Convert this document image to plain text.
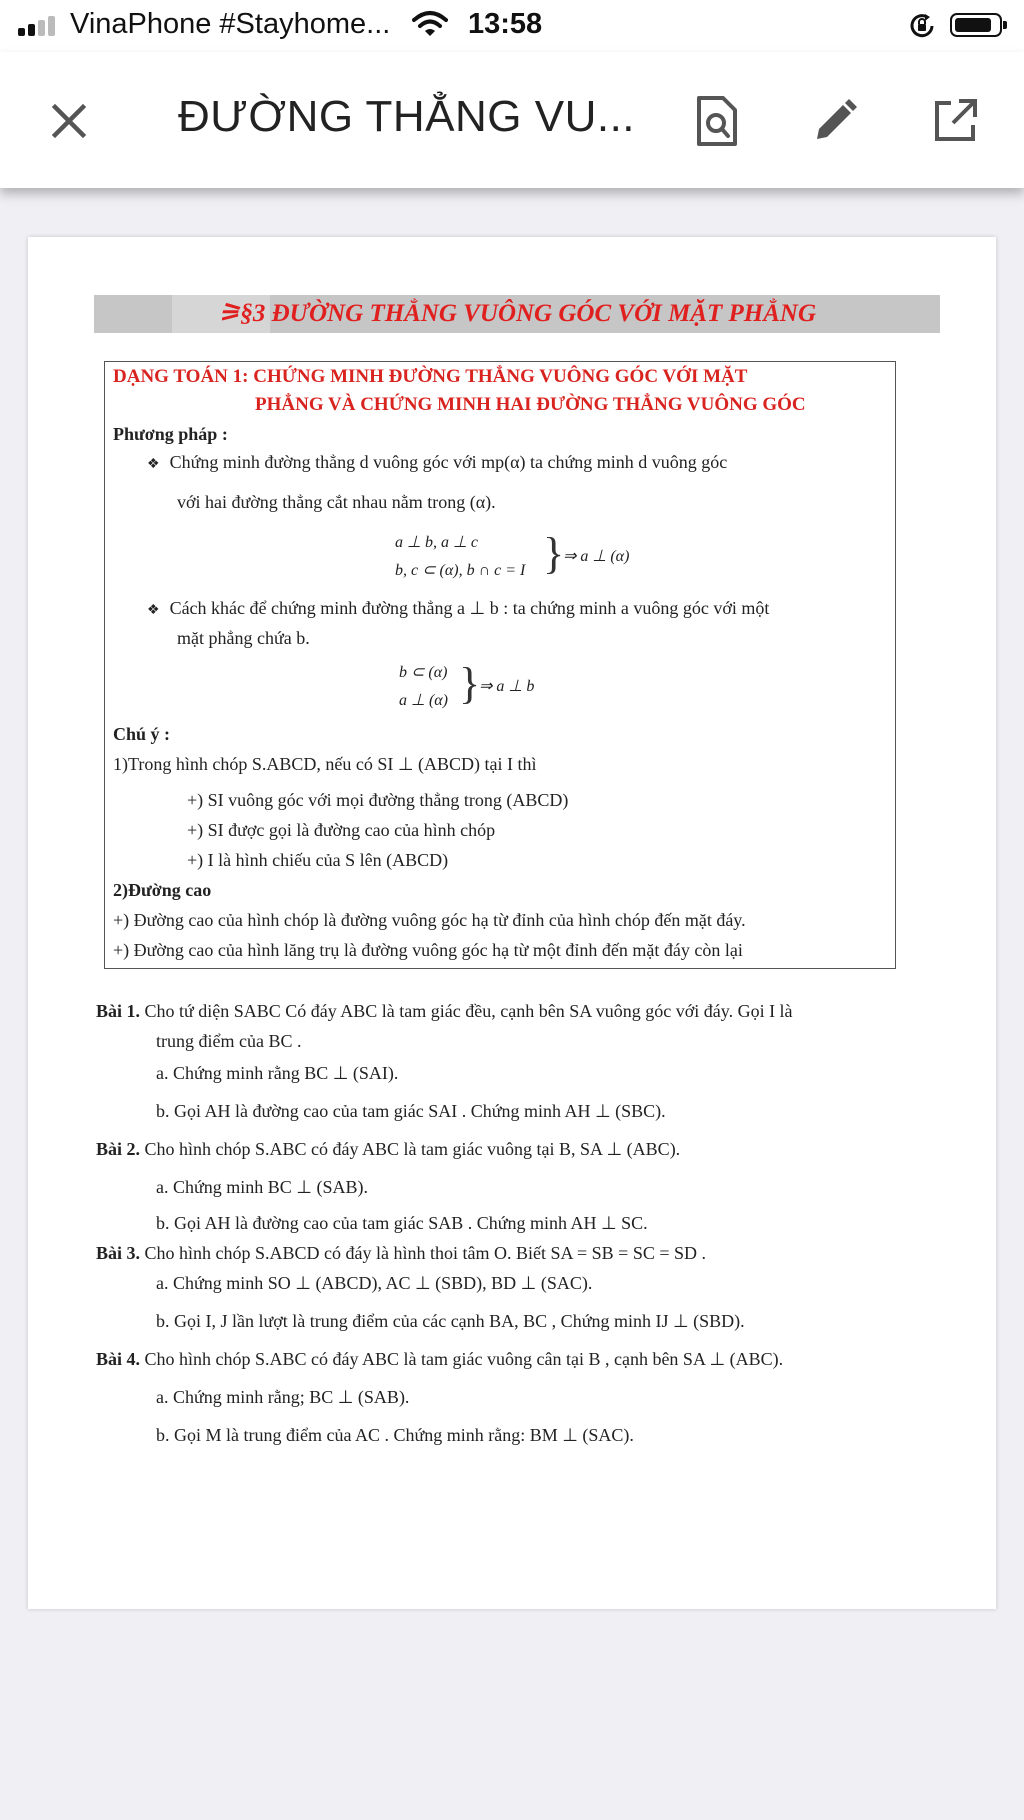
VinaPhone #Stayhome...	13:58
ĐƯỜNG THẲNG VU...
⚞§3 ĐƯỜNG THẲNG VUÔNG GÓC VỚI MẶT PHẲNG
DẠNG TOÁN 1: CHỨNG MINH ĐƯỜNG THẲNG VUÔNG GÓC VỚI MẶT
PHẲNG VÀ CHỨNG MINH HAI ĐƯỜNG THẲNG VUÔNG GÓC
Phương pháp :
❖ Chứng minh đường thẳng d vuông góc với mp(α) ta chứng minh d vuông góc
với hai đường thẳng cắt nhau nằm trong (α).
a ⊥ b, a ⊥ c
b, c ⊂ (α), b ∩ c = I }
⇒ a ⊥ (α)
❖ Cách khác để chứng minh đường thẳng a ⊥ b : ta chứng minh a vuông góc với một
mặt phẳng chứa b.
b ⊂ (α)
a ⊥ (α) }
⇒ a ⊥ b
Chú ý :
1)Trong hình chóp S.ABCD, nếu có SI ⊥ (ABCD) tại I thì
+) SI vuông góc với mọi đường thẳng trong (ABCD)
+) SI được gọi là đường cao của hình chóp
+) I là hình chiếu của S lên (ABCD)
2)Đường cao
+) Đường cao của hình chóp là đường vuông góc hạ từ đỉnh của hình chóp đến mặt đáy.
+) Đường cao của hình lăng trụ là đường vuông góc hạ từ một đỉnh đến mặt đáy còn lại
Bài 1. Cho tứ diện SABC Có đáy ABC là tam giác đều, cạnh bên SA vuông góc với đáy. Gọi I là
trung điểm của BC .
a. Chứng minh rằng BC ⊥ (SAI).
b. Gọi AH là đường cao của tam giác SAI . Chứng minh AH ⊥ (SBC).
Bài 2. Cho hình chóp S.ABC có đáy ABC là tam giác vuông tại B, SA ⊥ (ABC).
a. Chứng minh BC ⊥ (SAB).
b. Gọi AH là đường cao của tam giác SAB . Chứng minh AH ⊥ SC.
Bài 3. Cho hình chóp S.ABCD có đáy là hình thoi tâm O. Biết SA = SB = SC = SD .
a. Chứng minh SO ⊥ (ABCD), AC ⊥ (SBD), BD ⊥ (SAC).
b. Gọi I, J lần lượt là trung điểm của các cạnh BA, BC , Chứng minh IJ ⊥ (SBD).
Bài 4. Cho hình chóp S.ABC có đáy ABC là tam giác vuông cân tại B , cạnh bên SA ⊥ (ABC).
a. Chứng minh rằng; BC ⊥ (SAB).
b. Gọi M là trung điểm của AC . Chứng minh rằng: BM ⊥ (SAC).
